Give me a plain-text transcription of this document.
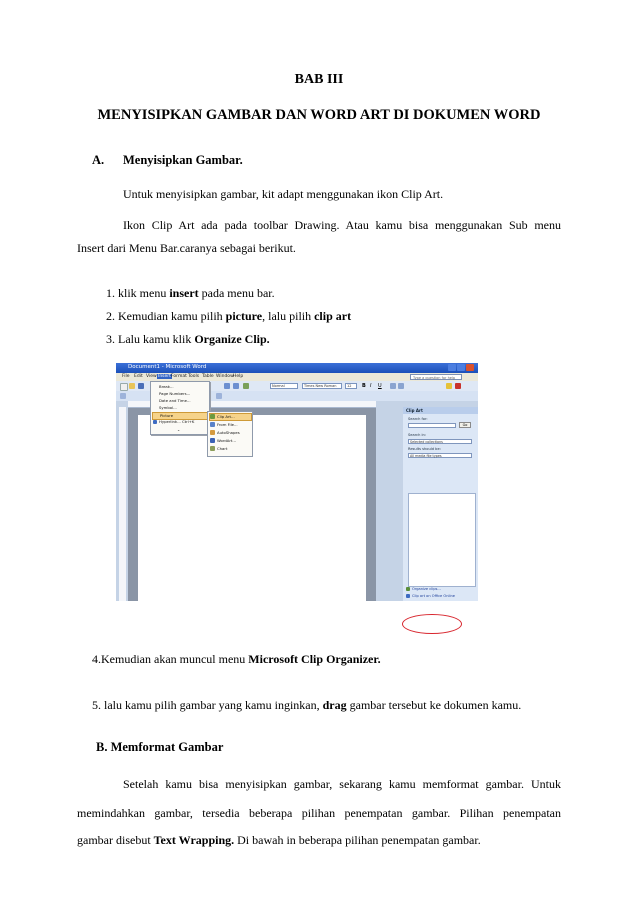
BAB III
MENYISIPKAN GAMBAR DAN WORD ART DI DOKUMEN WORD
A. Menyisipkan Gambar.
Untuk menyisipkan gambar, kit adapt menggunakan ikon Clip Art.
Ikon Clip Art ada pada toolbar Drawing. Atau kamu bisa menggunakan Sub menu
Insert dari Menu Bar.caranya sebagai berikut.
1. klik menu insert pada menu bar.
2. Kemudian kamu pilih picture, lalu pilih clip art
3. Lalu kamu klik Organize Clip.
Document1 - Microsoft Word
File Edit View Insert Format Tools Table Window Help	Type a question for help
Normal	Times New Roman	12	B I	U
Break...
Page Numbers...
Date and Time...
Symbol...
Picture
Hyperlink... Ctrl+K
⌄
Clip Art...
From File...
AutoShapes
WordArt...
Chart
Clip Art
Search for:
Go
Search in:
Selected collections
Results should be:
All media file types
Organize clips...
Clip art on Office Online
4.Kemudian akan muncul menu Microsoft Clip Organizer.
5. lalu kamu pilih gambar yang kamu inginkan, drag gambar tersebut ke dokumen kamu.
B. Memformat Gambar
Setelah kamu bisa menyisipkan gambar, sekarang kamu memformat gambar. Untuk
memindahkan gambar, tersedia beberapa pilihan penempatan gambar. Pilihan penempatan
gambar disebut Text Wrapping. Di bawah in beberapa pilihan penempatan gambar.
